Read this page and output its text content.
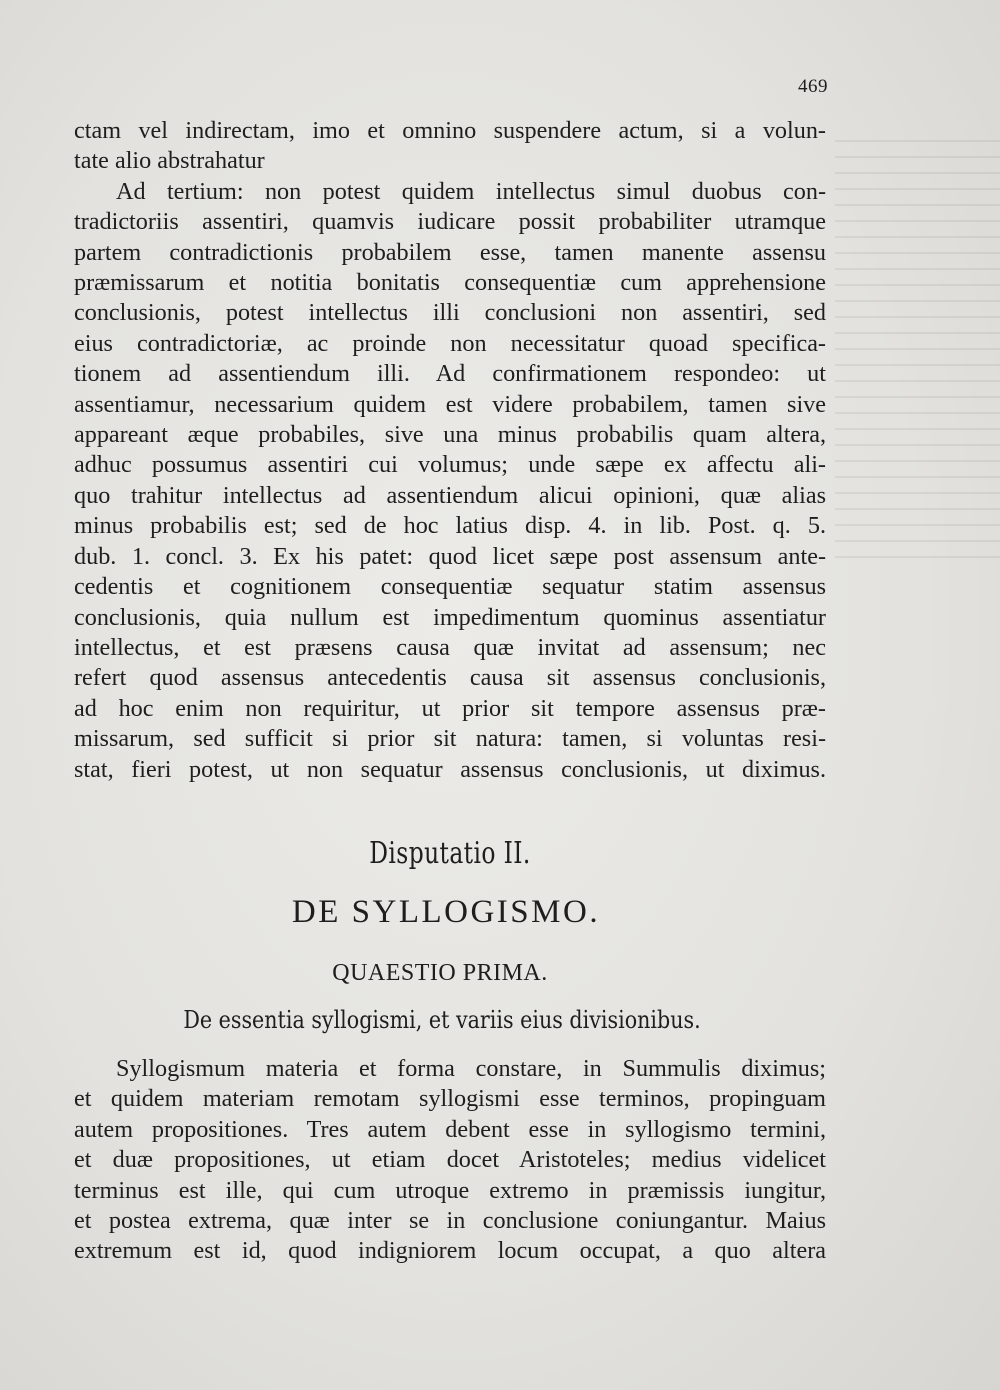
469

ctam vel indirectam, imo et omnino suspendere actum, si a volun-

tate alio abstrahatur

Ad tertium: non potest quidem intellectus simul duobus con-

tradictoriis assentiri, quamvis iudicare possit probabiliter utramque

partem contradictionis probabilem esse, tamen manente assensu

præmissarum et notitia bonitatis consequentiæ cum apprehensione

conclusionis, potest intellectus illi conclusioni non assentiri, sed

eius contradictoriæ, ac proinde non necessitatur quoad specifica-

tionem ad assentiendum illi. Ad confirmationem respondeo: ut

assentiamur, necessarium quidem est videre probabilem, tamen sive

appareant æque probabiles, sive una minus probabilis quam altera,

adhuc possumus assentiri cui volumus; unde sæpe ex affectu ali-

quo trahitur intellectus ad assentiendum alicui opinioni, quæ alias

minus probabilis est; sed de hoc latius disp. 4. in lib. Post. q. 5.

dub. 1. concl. 3. Ex his patet: quod licet sæpe post assensum ante-

cedentis et cognitionem consequentiæ sequatur statim assensus

conclusionis, quia nullum est impedimentum quominus assentiatur

intellectus, et est præsens causa quæ invitat ad assensum; nec

refert quod assensus antecedentis causa sit assensus conclusionis,

ad hoc enim non requiritur, ut prior sit tempore assensus præ-

missarum, sed sufficit si prior sit natura: tamen, si voluntas resi-

stat, fieri potest, ut non sequatur assensus conclusionis, ut diximus.

Disputatio II.
DE SYLLOGISMO.
QUAESTIO PRIMA.
De essentia syllogismi, et variis eius divisionibus.

Syllogismum materia et forma constare, in Summulis diximus;

et quidem materiam remotam syllogismi esse terminos, propinguam

autem propositiones. Tres autem debent esse in syllogismo termini,

et duæ propositiones, ut etiam docet Aristoteles; medius videlicet

terminus est ille, qui cum utroque extremo in præmissis iungitur,

et postea extrema, quæ inter se in conclusione coniungantur. Maius

extremum est id, quod indigniorem locum occupat, a quo altera
